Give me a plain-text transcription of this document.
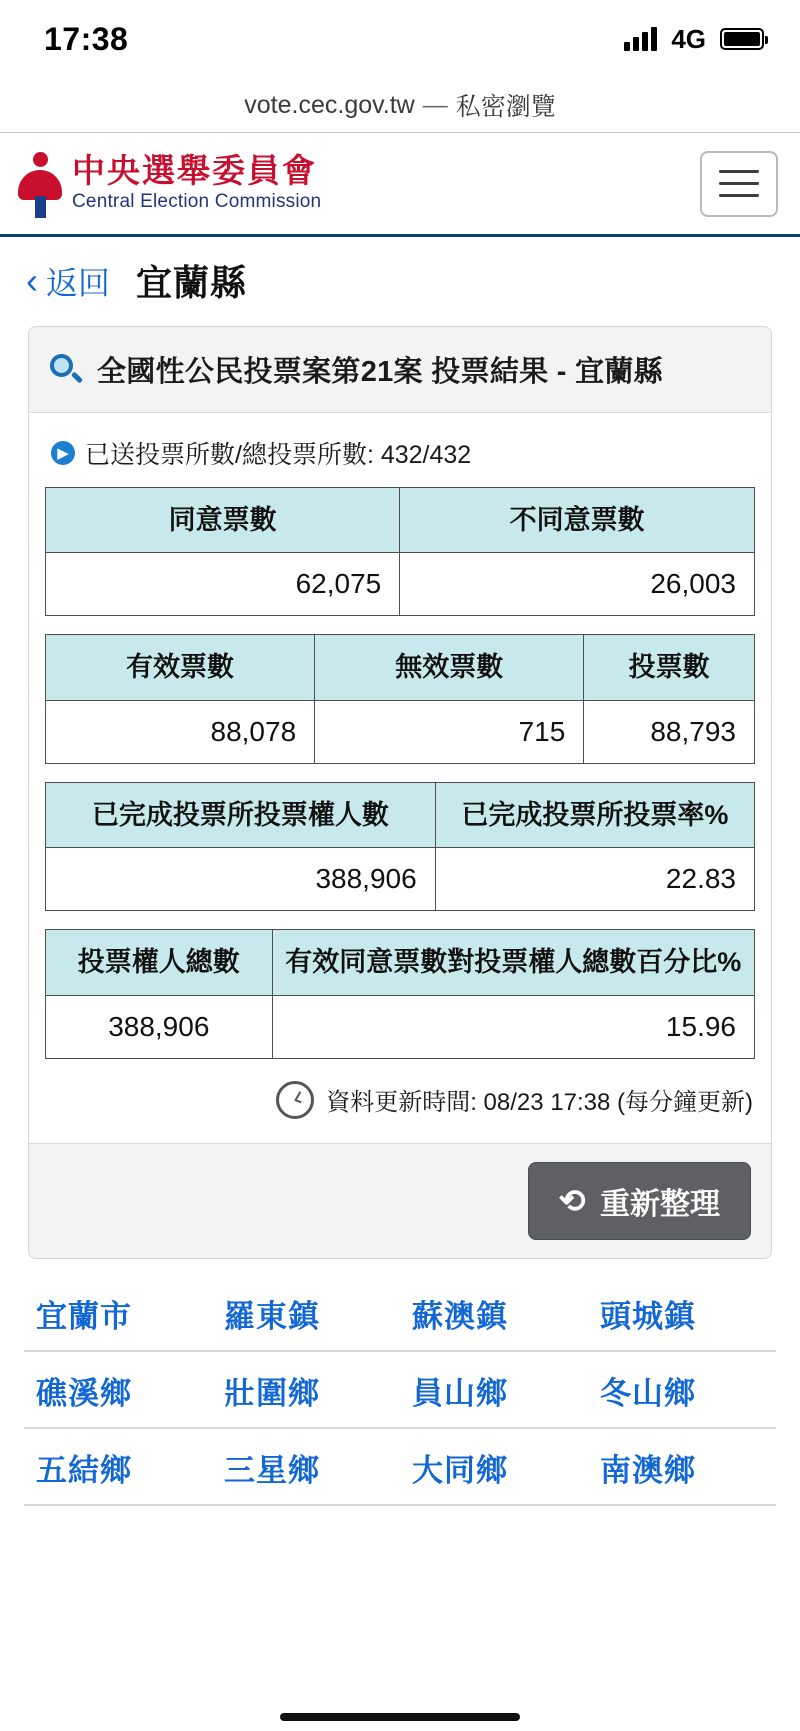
17:38	4G
vote.cec.gov.tw — 私密瀏覽
中央選舉委員會
Central Election Commission
‹ 返回 宜蘭縣
全國性公民投票案第21案 投票結果 - 宜蘭縣
▶ 已送投票所數/總投票所數: 432/432
同意票數	不同意票數
62,075	26,003
有效票數	無效票數	投票數
88,078	715	88,793
已完成投票所投票權人數	已完成投票所投票率%
388,906	22.83
投票權人總數	有效同意票數對投票權人總數百分比%
388,906	15.96
資料更新時間: 08/23 17:38 (每分鐘更新)
⟳ 重新整理
宜蘭市	羅東鎮	蘇澳鎮	頭城鎮
礁溪鄉	壯圍鄉	員山鄉	冬山鄉
五結鄉	三星鄉	大同鄉	南澳鄉
